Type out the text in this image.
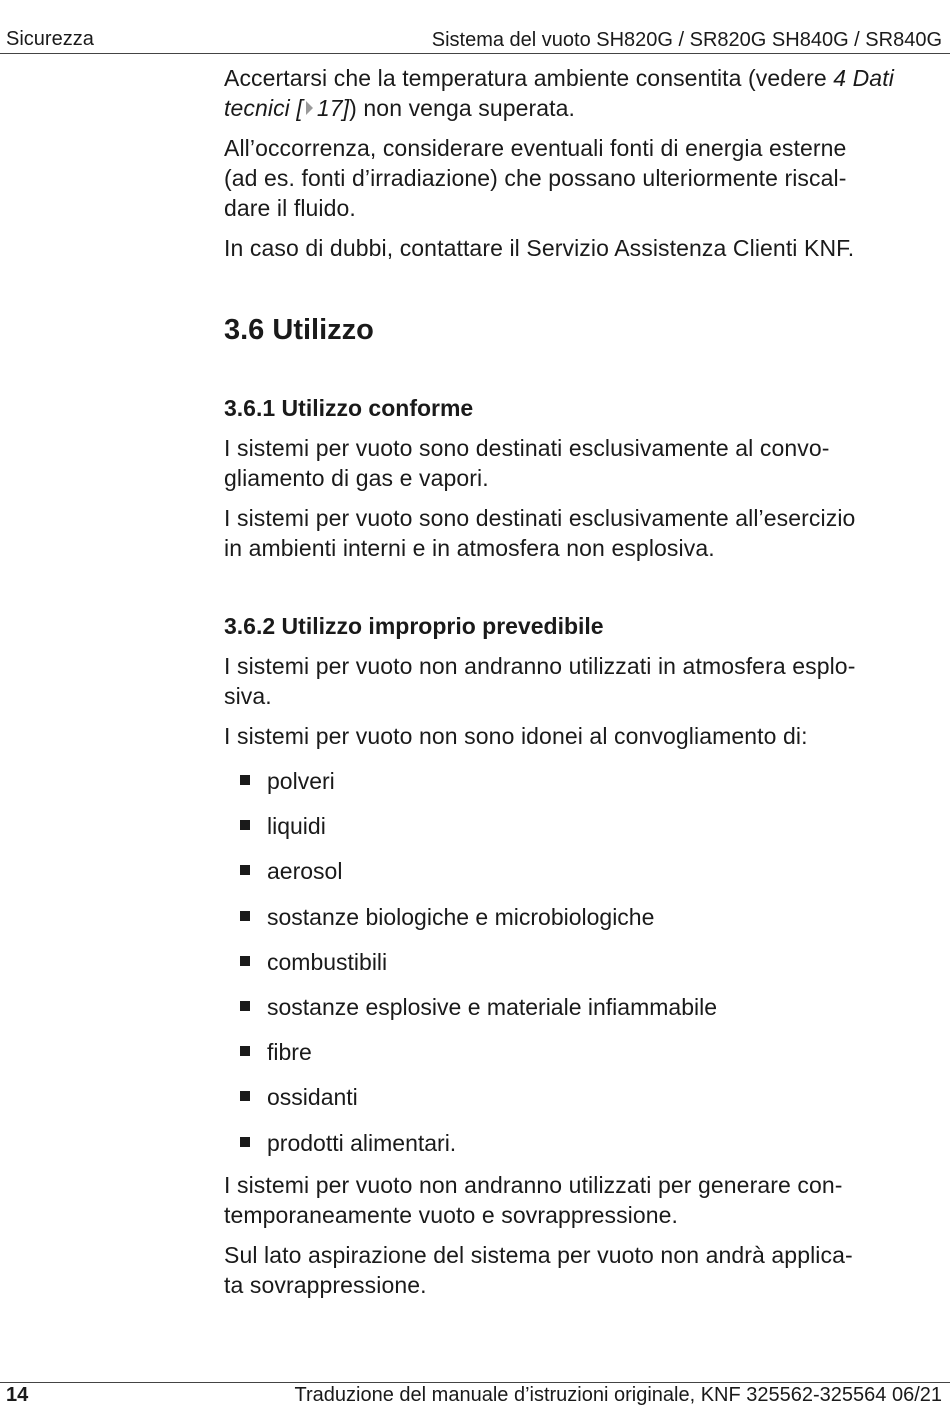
Sicurezza	Sistema del vuoto SH820G / SR820G SH840G / SR840G

Accertarsi che la temperatura ambiente consentita (vedere 4 Dati tecnici [ 17]) non venga superata.

All’occorrenza, considerare eventuali fonti di energia esterne
(ad es. fonti d’irradiazione) che possano ulteriormente riscal-
dare il fluido.

In caso di dubbi, contattare il Servizio Assistenza Clienti KNF.

3.6 Utilizzo
3.6.1 Utilizzo conforme

I sistemi per vuoto sono destinati esclusivamente al convo-
gliamento di gas e vapori.

I sistemi per vuoto sono destinati esclusivamente all’esercizio
in ambienti interni e in atmosfera non esplosiva.

3.6.2 Utilizzo improprio prevedibile

I sistemi per vuoto non andranno utilizzati in atmosfera esplo-
siva.

I sistemi per vuoto non sono idonei al convogliamento di:

polveri
liquidi
aerosol
sostanze biologiche e microbiologiche
combustibili
sostanze esplosive e materiale infiammabile
fibre
ossidanti
prodotti alimentari.

I sistemi per vuoto non andranno utilizzati per generare con-
temporaneamente vuoto e sovrappressione.

Sul lato aspirazione del sistema per vuoto non andrà applica-
ta sovrappressione.

14	Traduzione del manuale d’istruzioni originale, KNF 325562-325564 06/21
